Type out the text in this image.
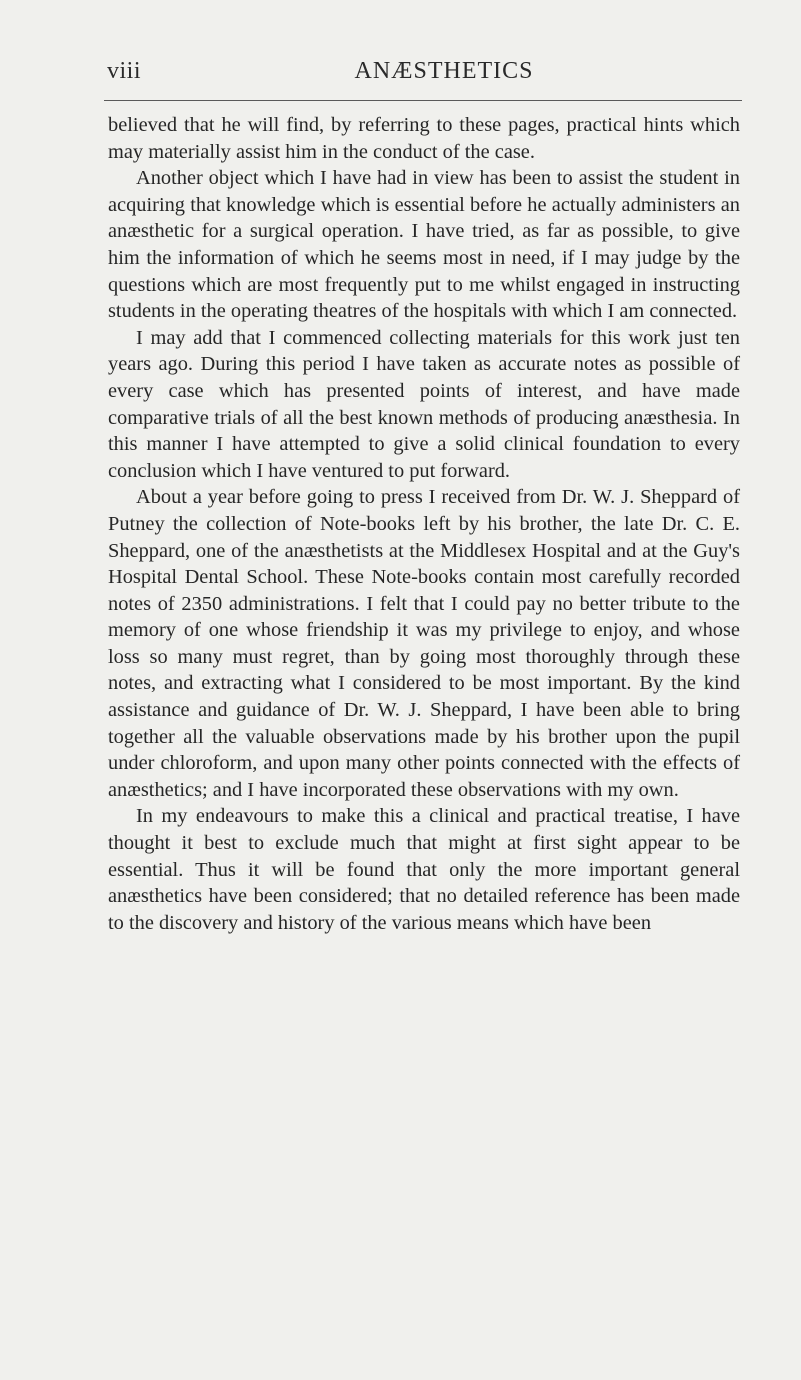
viii	ANÆSTHETICS

believed that he will find, by referring to these pages, practical hints which may materially assist him in the conduct of the case.

Another object which I have had in view has been to assist the student in acquiring that knowledge which is essential before he actually administers an anæsthetic for a surgical operation. I have tried, as far as possible, to give him the information of which he seems most in need, if I may judge by the questions which are most frequently put to me whilst engaged in instructing students in the operating theatres of the hospitals with which I am connected.

I may add that I commenced collecting materials for this work just ten years ago. During this period I have taken as accurate notes as possible of every case which has presented points of interest, and have made comparative trials of all the best known methods of producing anæsthesia. In this manner I have attempted to give a solid clinical foundation to every conclusion which I have ventured to put forward.

About a year before going to press I received from Dr. W. J. Sheppard of Putney the collection of Note-books left by his brother, the late Dr. C. E. Sheppard, one of the anæsthetists at the Middlesex Hospital and at the Guy's Hospital Dental School. These Note-books contain most carefully recorded notes of 2350 administrations. I felt that I could pay no better tribute to the memory of one whose friendship it was my privilege to enjoy, and whose loss so many must regret, than by going most thoroughly through these notes, and extracting what I considered to be most important. By the kind assistance and guidance of Dr. W. J. Sheppard, I have been able to bring together all the valuable observations made by his brother upon the pupil under chloroform, and upon many other points connected with the effects of anæsthetics; and I have incorporated these observations with my own.

In my endeavours to make this a clinical and practical treatise, I have thought it best to exclude much that might at first sight appear to be essential. Thus it will be found that only the more important general anæsthetics have been considered; that no detailed reference has been made to the discovery and history of the various means which have been
